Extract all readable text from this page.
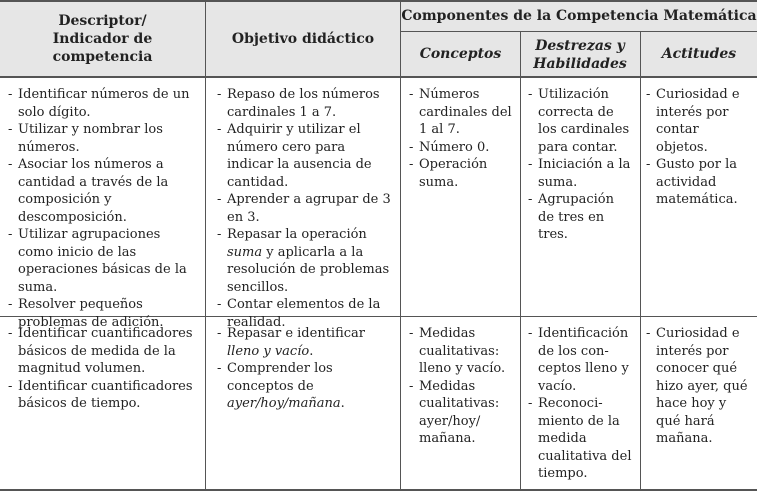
Descriptor/ Indicador de competencia
Objetivo didáctico
Componentes de la Competencia Matemática
Conceptos	Destrezas y Habilidades
Actitudes
- Identificar números de un solo dígito.
- Utilizar y nombrar los números.
- Asociar los números a cantidad a través de la composición y descomposición.
- Utilizar agrupaciones como inicio de las operaciones básicas de la suma.
- Resolver pequeños problemas de adición.
- Repaso de los números cardinales 1 a 7.
- Adquirir y utilizar el número cero para indicar la ausencia de cantidad.
- Aprender a agrupar de 3 en 3.
- Repasar la operación suma y aplicarla a la resolución de problemas sencillos.
- Contar elementos de la realidad.
- Números cardinales del 1 al 7.
- Número 0.
- Operación suma.
- Utilización correcta de los cardinales para contar.
- Iniciación a la suma.
- Agrupación de tres en tres.
- Curiosidad e interés por contar objetos.
- Gusto por la actividad matemática.
- Identificar cuantificadores básicos de medida de la magnitud volumen.
- Identificar cuantificadores básicos de tiempo.
- Repasar e identificar lleno y vacío.
- Comprender los conceptos de ayer/hoy/mañana.
- Medidas cualitativas: lleno y vacío.
- Medidas cualitativas: ayer/hoy/ mañana.
- Identificación de los con- ceptos lleno y vacío.
- Reconoci- miento de la medida cualitativa del tiempo.
- Curiosidad e interés por conocer qué hizo ayer, qué hace hoy y qué hará mañana.
